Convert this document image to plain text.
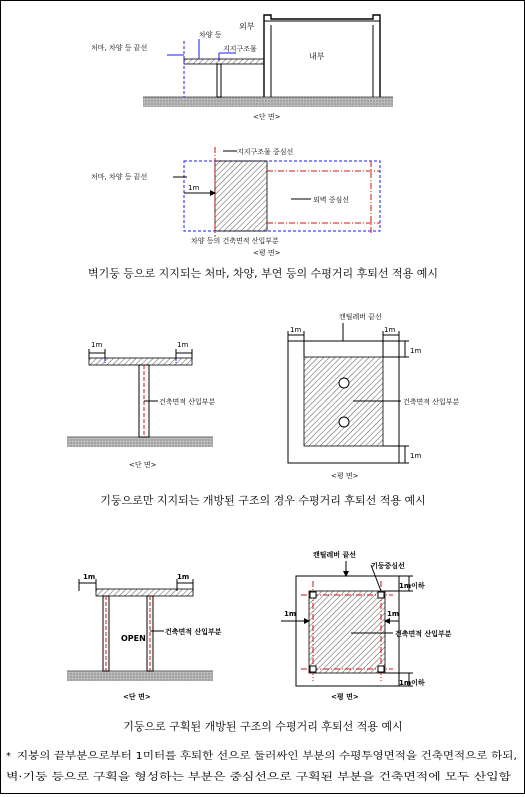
외부
내부
처마, 차양 등 끝선
차양 등
지지구조물
<단 면>
지지구조물 중심선
처마, 차양 등 끝선
1m
외벽 중심선
차양 등의 건축면적 산입부분
<평 면>
벽기둥 등으로 지지되는 처마, 차양, 부연 등의 수평거리 후퇴선 적용 예시
1m	1m
건축면적 산입부분
<단 면>
캔틸레버 끝선
1m	1m
1m
건축면적 산입부분
1m
<평 면>
기둥으로만 지지되는 개방된 구조의 경우 수평거리 후퇴선 적용 예시
OPEN
1m	1m
건축면적 산입부분
<단 면>
캔틸레버 끝선
기둥중심선
1m이하
1m	1m
건축면적 산입부분
1m이하
<평 면>
기둥으로 구획된 개방된 구조의 수평거리 후퇴선 적용 예시
* 지붕의 끝부분으로부터 1미터를 후퇴한 선으로 둘러싸인 부분의 수평투영면적을 건축면적으로 하되,
벽·기둥 등으로 구획을 형성하는 부분은 중심선으로 구획된 부분을 건축면적에 모두 산입함
